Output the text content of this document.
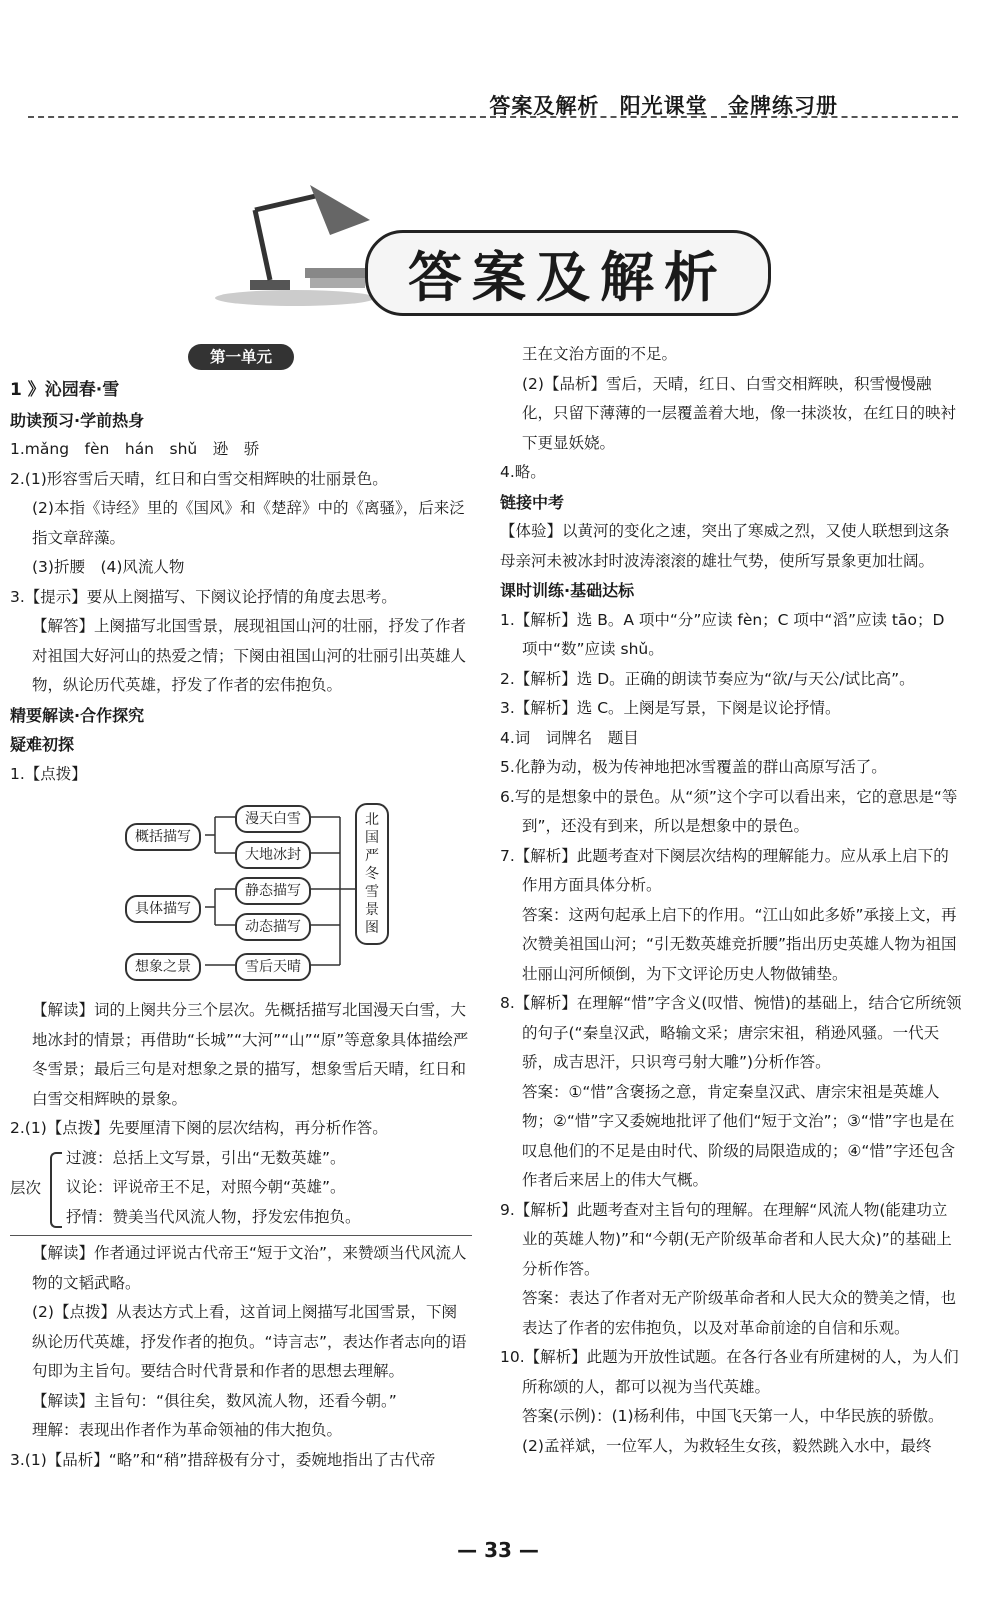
答案及解析 阳光课堂 金牌练习册
答案及解析
第一单元

1 》沁园春·雪

助读预习·学前热身

1.mǎng　fèn　hán　shǔ　逊　骄

2.(1)形容雪后天晴，红日和白雪交相辉映的壮丽景色。

(2)本指《诗经》里的《国风》和《楚辞》中的《离骚》，后来泛指文章辞藻。

(3)折腰　(4)风流人物

3.【提示】要从上阕描写、下阕议论抒情的角度去思考。

【解答】上阕描写北国雪景，展现祖国山河的壮丽，抒发了作者对祖国大好河山的热爱之情；下阕由祖国山河的壮丽引出英雄人物，纵论历代英雄，抒发了作者的宏伟抱负。

精要解读·合作探究

疑难初探

1.【点拨】

概括描写
具体描写
想象之景
漫天白雪
大地冰封
静态描写
动态描写
雪后天晴
北国严冬雪景图

【解读】词的上阕共分三个层次。先概括描写北国漫天白雪，大地冰封的情景；再借助“长城”“大河”“山”“原”等意象具体描绘严冬雪景；最后三句是对想象之景的描写，想象雪后天晴，红日和白雪交相辉映的景象。

2.(1)【点拨】先要厘清下阕的层次结构，再分析作答。

层次

过渡：总括上文写景，引出“无数英雄”。

议论：评说帝王不足，对照今朝“英雄”。

抒情：赞美当代风流人物，抒发宏伟抱负。

【解读】作者通过评说古代帝王“短于文治”，来赞颂当代风流人物的文韬武略。

(2)【点拨】从表达方式上看，这首词上阕描写北国雪景，下阕纵论历代英雄，抒发作者的抱负。“诗言志”，表达作者志向的语句即为主旨句。要结合时代背景和作者的思想去理解。

【解读】主旨句：“俱往矣，数风流人物，还看今朝。”

理解：表现出作者作为革命领袖的伟大抱负。

3.(1)【品析】“略”和“稍”措辞极有分寸，委婉地指出了古代帝

王在文治方面的不足。

(2)【品析】雪后，天晴，红日、白雪交相辉映，积雪慢慢融化，只留下薄薄的一层覆盖着大地，像一抹淡妆，在红日的映衬下更显妖娆。

4.略。

链接中考

【体验】以黄河的变化之速，突出了寒威之烈，又使人联想到这条母亲河未被冰封时波涛滚滚的雄壮气势，使所写景象更加壮阔。

课时训练·基础达标

1.【解析】选 B。A 项中“分”应读 fèn；C 项中“滔”应读 tāo；D 项中“数”应读 shǔ。

2.【解析】选 D。正确的朗读节奏应为“欲/与天公/试比高”。

3.【解析】选 C。上阕是写景，下阕是议论抒情。

4.词　词牌名　题目

5.化静为动，极为传神地把冰雪覆盖的群山高原写活了。

6.写的是想象中的景色。从“须”这个字可以看出来，它的意思是“等到”，还没有到来，所以是想象中的景色。

7.【解析】此题考查对下阕层次结构的理解能力。应从承上启下的作用方面具体分析。

答案：这两句起承上启下的作用。“江山如此多娇”承接上文，再次赞美祖国山河；“引无数英雄竞折腰”指出历史英雄人物为祖国壮丽山河所倾倒，为下文评论历史人物做铺垫。

8.【解析】在理解“惜”字含义(叹惜、惋惜)的基础上，结合它所统领的句子(“秦皇汉武，略输文采；唐宗宋祖，稍逊风骚。一代天骄，成吉思汗，只识弯弓射大雕”)分析作答。

答案：①“惜”含褒扬之意，肯定秦皇汉武、唐宗宋祖是英雄人物；②“惜”字又委婉地批评了他们“短于文治”；③“惜”字也是在叹息他们的不足是由时代、阶级的局限造成的；④“惜”字还包含作者后来居上的伟大气概。

9.【解析】此题考查对主旨句的理解。在理解“风流人物(能建功立业的英雄人物)”和“今朝(无产阶级革命者和人民大众)”的基础上分析作答。

答案：表达了作者对无产阶级革命者和人民大众的赞美之情，也表达了作者的宏伟抱负，以及对革命前途的自信和乐观。

10.【解析】此题为开放性试题。在各行各业有所建树的人，为人们所称颂的人，都可以视为当代英雄。

答案(示例)：(1)杨利伟，中国飞天第一人，中华民族的骄傲。

(2)孟祥斌，一位军人，为救轻生女孩，毅然跳入水中，最终

— 33 —
